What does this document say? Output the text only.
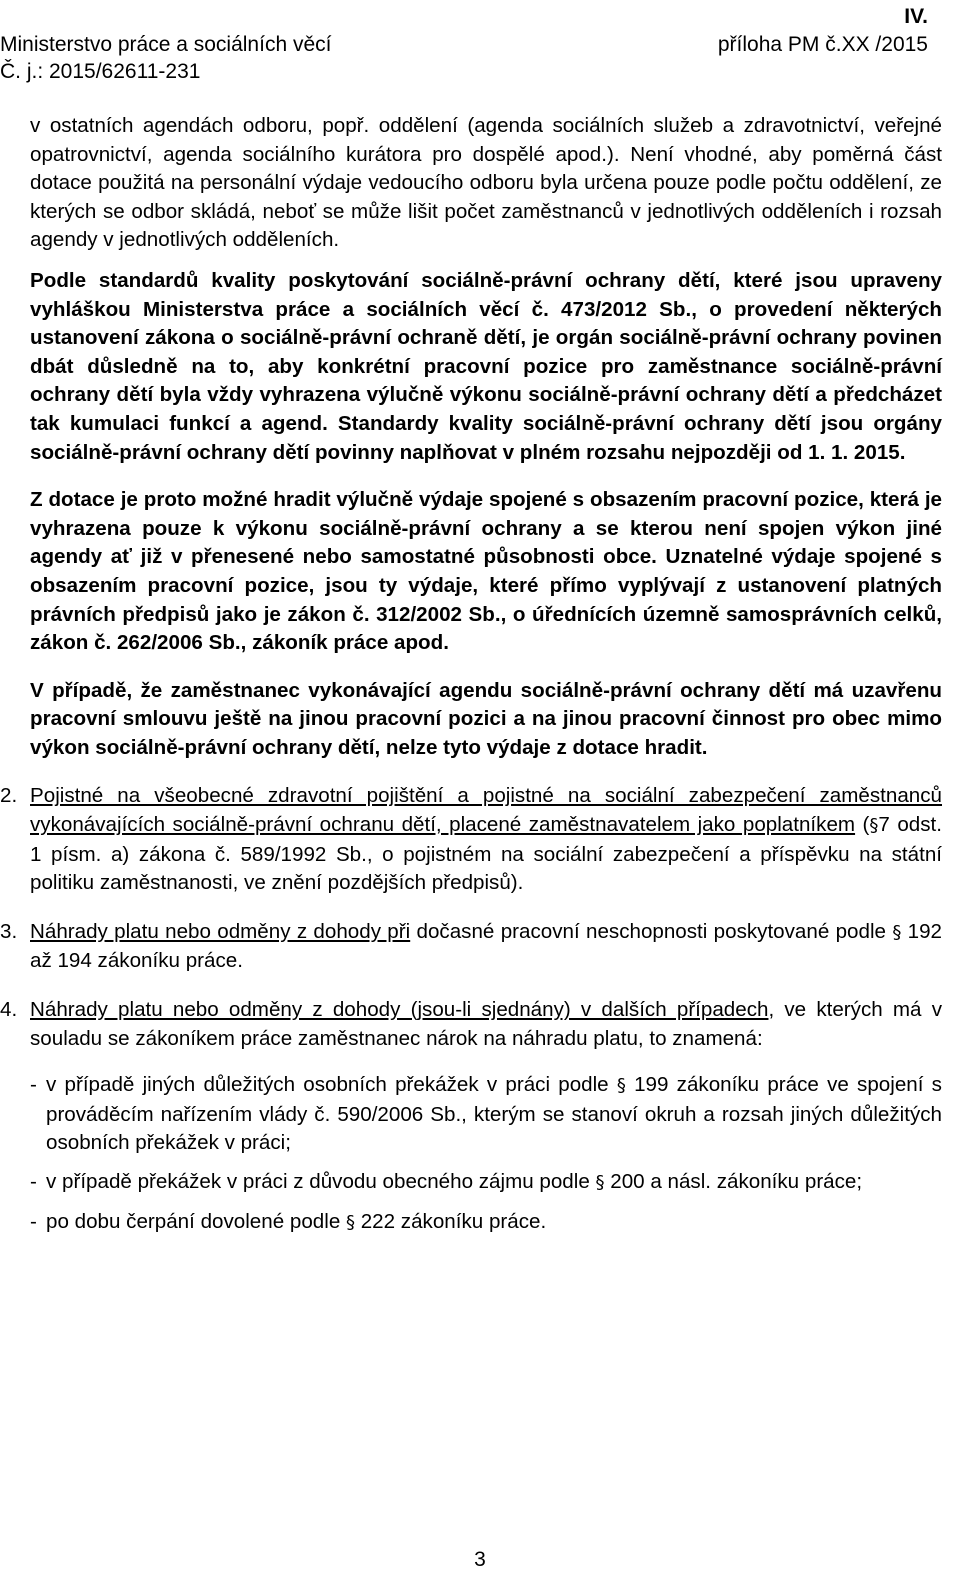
IV.
Ministerstvo práce a sociálních věcí
Č. j.: 2015/62611-231
příloha PM č.XX /2015

v ostatních agendách odboru, popř. oddělení (agenda sociálních služeb a zdravotnictví, veřejné opatrovnictví, agenda sociálního kurátora pro dospělé apod.). Není vhodné, aby poměrná část dotace použitá na personální výdaje vedoucího odboru byla určena pouze podle počtu oddělení, ze kterých se odbor skládá, neboť se může lišit počet zaměstnanců v jednotlivých odděleních i rozsah agendy v jednotlivých odděleních.

Podle standardů kvality poskytování sociálně-právní ochrany dětí, které jsou upraveny vyhláškou Ministerstva práce a sociálních věcí č. 473/2012 Sb., o provedení některých ustanovení zákona o sociálně-právní ochraně dětí, je orgán sociálně-právní ochrany povinen dbát důsledně na to, aby konkrétní pracovní pozice pro zaměstnance sociálně-právní ochrany dětí byla vždy vyhrazena výlučně výkonu sociálně-právní ochrany dětí a předcházet tak kumulaci funkcí a agend. Standardy kvality sociálně-právní ochrany dětí jsou orgány sociálně-právní ochrany dětí povinny naplňovat v plném rozsahu nejpozději od 1. 1. 2015.

Z dotace je proto možné hradit výlučně výdaje spojené s obsazením pracovní pozice, která je vyhrazena pouze k výkonu sociálně-právní ochrany a se kterou není spojen výkon jiné agendy ať již v přenesené nebo samostatné působnosti obce. Uznatelné výdaje spojené s obsazením pracovní pozice, jsou ty výdaje, které přímo vyplývají z ustanovení platných právních předpisů jako je zákon č. 312/2002 Sb., o úřednících územně samosprávních celků, zákon č. 262/2006 Sb., zákoník práce apod.

V případě, že zaměstnanec vykonávající agendu sociálně-právní ochrany dětí má uzavřenu pracovní smlouvu ještě na jinou pracovní pozici a na jinou pracovní činnost pro obec mimo výkon sociálně-právní ochrany dětí, nelze tyto výdaje z dotace hradit.

2. Pojistné na všeobecné zdravotní pojištění a pojistné na sociální zabezpečení zaměstnanců vykonávajících sociálně-právní ochranu dětí, placené zaměstnavatelem jako poplatníkem (§7 odst. 1 písm. a) zákona č. 589/1992 Sb., o pojistném na sociální zabezpečení a příspěvku na státní politiku zaměstnanosti, ve znění pozdějších předpisů).
3. Náhrady platu nebo odměny z dohody při dočasné pracovní neschopnosti poskytované podle § 192 až 194 zákoníku práce.
4. Náhrady platu nebo odměny z dohody (jsou-li sjednány) v dalších případech, ve kterých má v souladu se zákoníkem práce zaměstnanec nárok na náhradu platu, to znamená:
- v případě jiných důležitých osobních překážek v práci podle § 199 zákoníku práce ve spojení s prováděcím nařízením vlády č. 590/2006 Sb., kterým se stanoví okruh a rozsah jiných důležitých osobních překážek v práci;
- v případě překážek v práci z důvodu obecného zájmu podle § 200 a násl. zákoníku práce;
- po dobu čerpání dovolené podle § 222 zákoníku práce.
3
